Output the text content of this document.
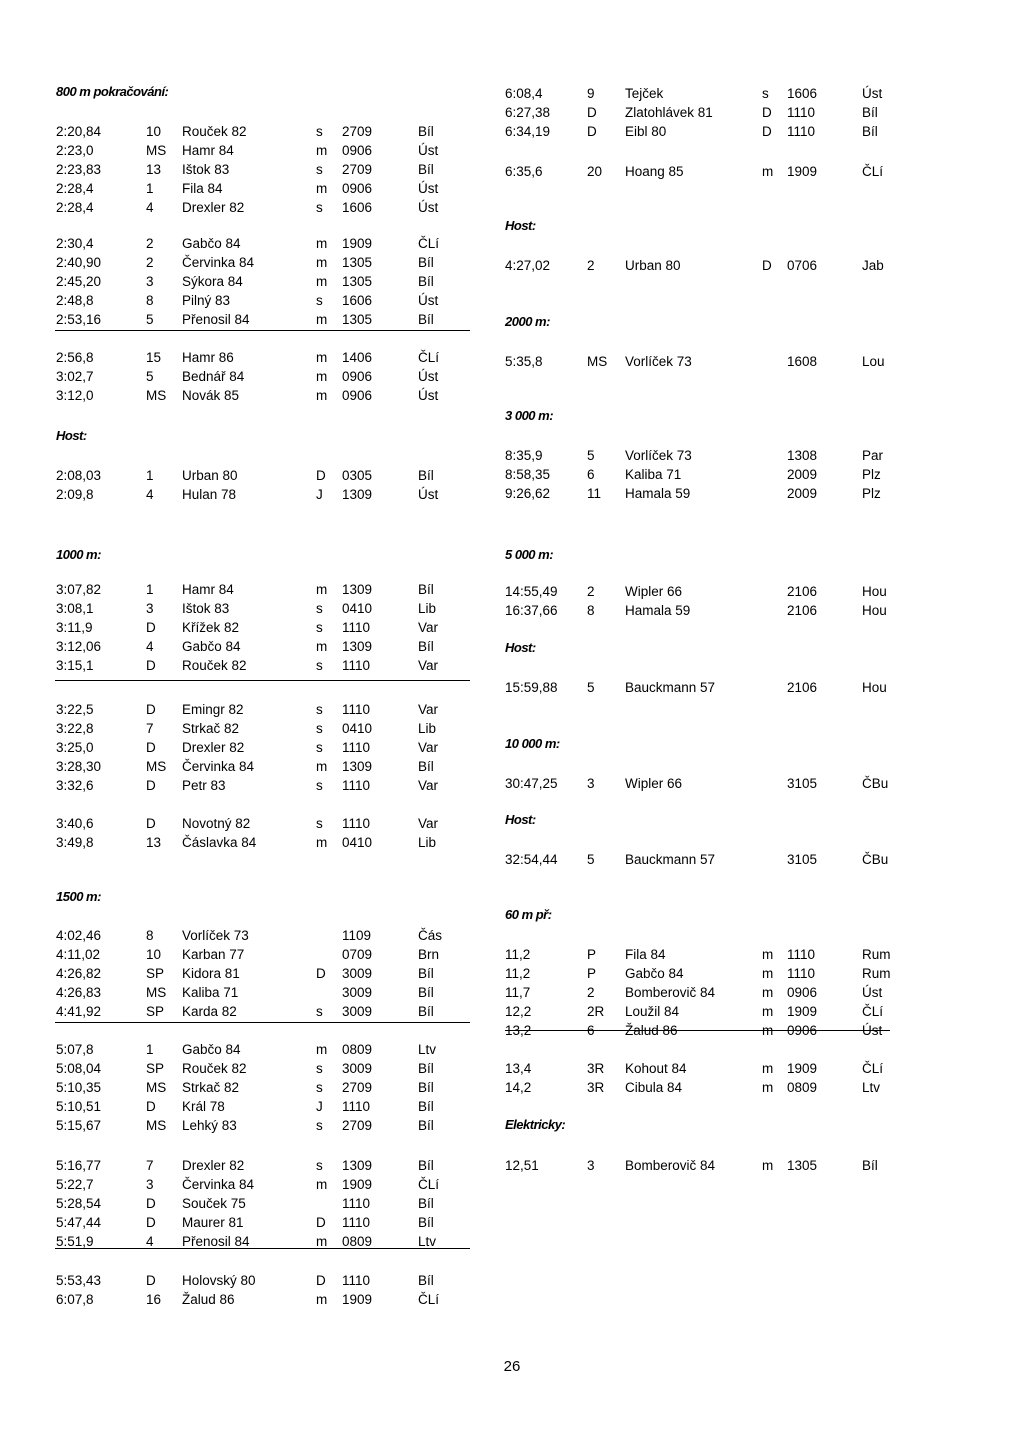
800 m pokračování:
2:20,84	10 Rouček 82	s 2709	Bíl
2:23,0	MS Hamr 84	m 0906	Úst
2:23,83	13 Ištok 83	s 2709	Bíl
2:28,4	1 Fila 84	m 0906	Úst
2:28,4	4 Drexler 82	s 1606	Úst
2:30,4	2 Gabčo 84	m 1909	ČLí
2:40,90	2 Červinka 84	m 1305	Bíl
2:45,20	3 Sýkora 84	m 1305	Bíl
2:48,8	8 Pilný 83	s 1606	Úst
2:53,16	5 Přenosil 84	m 1305	Bíl
2:56,8	15 Hamr 86	m 1406	ČLí
3:02,7	5 Bednář 84	m 0906	Úst
3:12,0	MS Novák 85	m 0906	Úst
Host:
2:08,03	1 Urban 80	D 0305	Bíl
2:09,8	4 Hulan 78	J 1309	Úst
1000 m:
3:07,82	1 Hamr 84	m 1309	Bíl
3:08,1	3 Ištok 83	s 0410	Lib
3:11,9	D Křížek 82	s 1110	Var
3:12,06	4 Gabčo 84	m 1309	Bíl
3:15,1	D Rouček 82	s 1110	Var
3:22,5	D Emingr 82	s 1110	Var
3:22,8	7 Strkač 82	s 0410	Lib
3:25,0	D Drexler 82	s 1110	Var
3:28,30	MS Červinka 84	m 1309	Bíl
3:32,6	D Petr 83	s 1110	Var
3:40,6	D Novotný 82	s 1110	Var
3:49,8	13 Čáslavka 84	m 0410	Lib
1500 m:
4:02,46	8 Vorlíček 73	1109	Čás
4:11,02	10 Karban 77	0709	Brn
4:26,82	SP Kidora 81	D 3009	Bíl
4:26,83	MS Kaliba 71	3009	Bíl
4:41,92	SP Karda 82	s 3009	Bíl
5:07,8	1 Gabčo 84	m 0809	Ltv
5:08,04	SP Rouček 82	s 3009	Bíl
5:10,35	MS Strkač 82	s 2709	Bíl
5:10,51	D Král 78	J 1110	Bíl
5:15,67	MS Lehký 83	s 2709	Bíl
5:16,77	7 Drexler 82	s 1309	Bíl
5:22,7	3 Červinka 84	m 1909	ČLí
5:28,54	D Souček 75	1110	Bíl
5:47,44	D Maurer 81	D 1110	Bíl
5:51,9	4 Přenosil 84	m 0809	Ltv
5:53,43	D Holovský 80	D 1110	Bíl
6:07,8	16 Žalud 86	m 1909	ČLí
6:08,4	9 Tejček	s 1606	Úst
6:27,38	D Zlatohlávek 81	D 1110	Bíl
6:34,19	D Eibl 80	D 1110	Bíl
6:35,6	20 Hoang 85	m 1909	ČLí
Host:
4:27,02	2 Urban 80	D 0706	Jab
2000 m:
5:35,8	MS Vorlíček 73	1608	Lou
3 000 m:
8:35,9	5 Vorlíček 73	1308	Par
8:58,35	6 Kaliba 71	2009	Plz
9:26,62	11 Hamala 59	2009	Plz
5 000 m:
14:55,49 2 Wipler 66	2106	Hou
16:37,66 8 Hamala 59	2106	Hou
Host:
15:59,88 5 Bauckmann 57	2106	Hou
10 000 m:
30:47,25 3 Wipler 66	3105	ČBu
Host:
32:54,44 5 Bauckmann 57	3105	ČBu
60 m př:
11,2	P Fila 84	m 1110	Rum
11,2	P Gabčo 84	m 1110	Rum
11,7	2 Bomberovič 84	m 0906	Úst
12,2	2R Loužil 84	m 1909	ČLí
13,2	6 Žalud 86	m 0906	Úst
13,4	3R Kohout 84	m 1909	ČLí
14,2	3R Cibula 84	m 0809	Ltv
Elektricky:
12,51	3 Bomberovič 84	m 1305	Bíl
26
